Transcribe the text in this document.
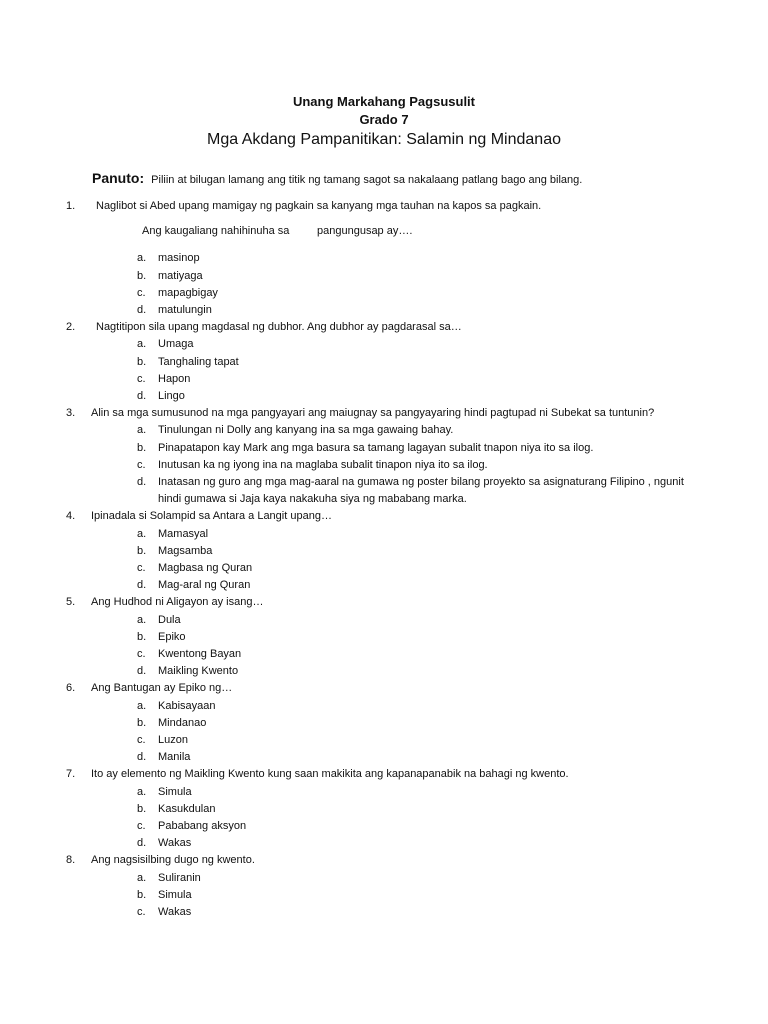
Unang Markahang Pagsusulit
Grado 7
Mga Akdang Pampanitikan: Salamin ng Mindanao
Panuto: Piliin at bilugan lamang ang titik ng tamang sagot sa nakalaang patlang bago ang bilang.
1.	Naglibot si Abed upang mamigay ng pagkain sa kanyang mga tauhan na kapos sa pagkain.
Ang kaugaliang nahihinuha sa	pangungusap ay….
a. masinop
b. matiyaga
c. mapagbigay
d. matulungin
2.	Nagtitipon sila upang magdasal ng dubhor. Ang dubhor ay pagdarasal sa…
a. Umaga
b. Tanghaling tapat
c. Hapon
d. Lingo
3.	Alin sa mga sumusunod na mga pangyayari ang maiugnay sa pangyayaring hindi pagtupad ni Subekat sa tuntunin?
a. Tinulungan ni Dolly ang kanyang ina sa mga gawaing bahay.
b. Pinapatapon kay Mark ang mga basura sa tamang lagayan subalit tnapon niya ito sa ilog.
c. Inutusan ka ng iyong ina na maglaba subalit tinapon niya ito sa ilog.
d. Inatasan ng guro ang mga mag-aaral na gumawa ng poster bilang proyekto sa asignaturang Filipino , ngunit hindi gumawa si Jaja kaya nakakuha siya ng mababang marka.
4.	Ipinadala si Solampid sa Antara a Langit upang…
a. Mamasyal
b. Magsamba
c. Magbasa ng Quran
d. Mag-aral ng Quran
5.	Ang Hudhod ni Aligayon ay isang…
a. Dula
b. Epiko
c. Kwentong Bayan
d. Maikling Kwento
6.	Ang Bantugan ay Epiko ng…
a. Kabisayaan
b. Mindanao
c. Luzon
d. Manila
7.	Ito ay elemento ng Maikling Kwento kung saan makikita ang kapanapanabik na bahagi ng kwento.
a. Simula
b. Kasukdulan
c. Pababang aksyon
d. Wakas
8.	Ang nagsisilbing dugo ng kwento.
a. Suliranin
b. Simula
c. Wakas
